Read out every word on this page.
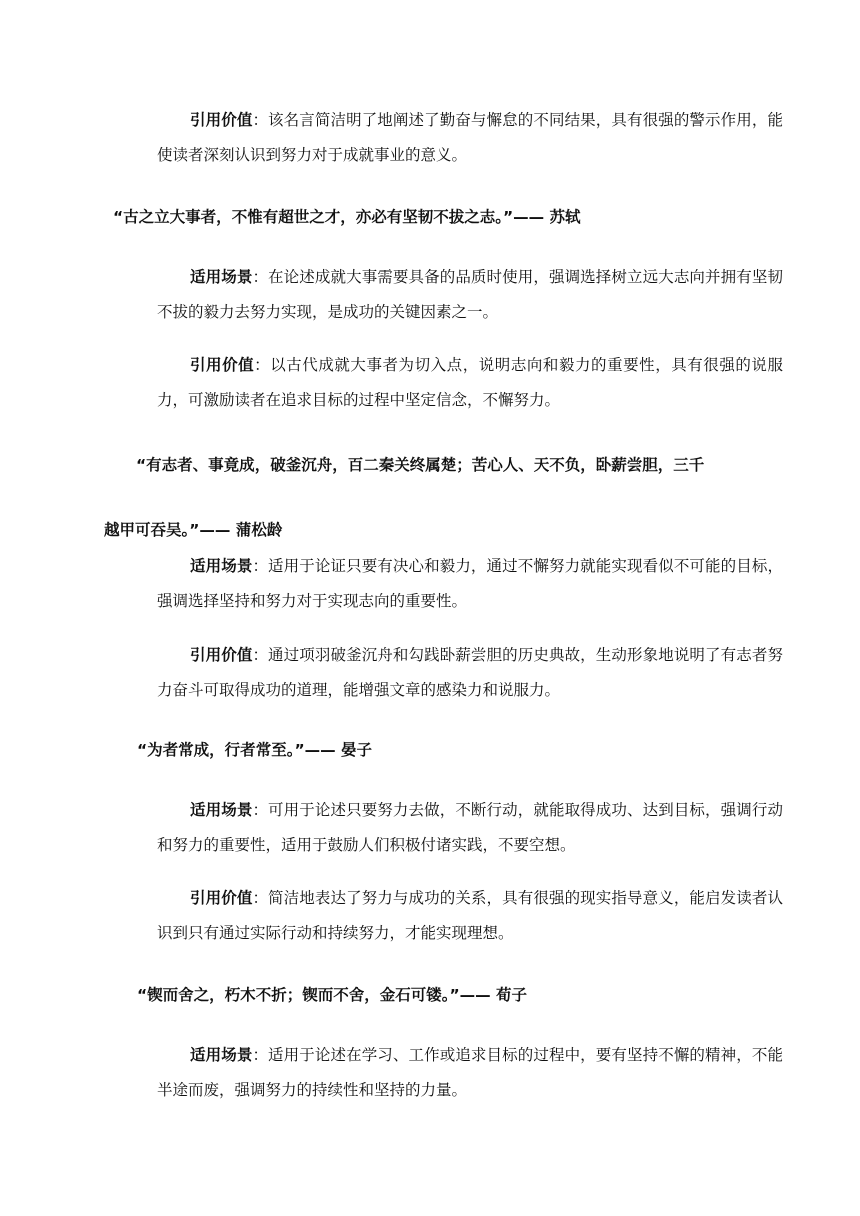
引用价值：该名言简洁明了地阐述了勤奋与懈怠的不同结果，具有很强的警示作用，能使读者深刻认识到努力对于成就事业的意义。
“古之立大事者，不惟有超世之才，亦必有坚韧不拔之志。”—— 苏轼
适用场景：在论述成就大事需要具备的品质时使用，强调选择树立远大志向并拥有坚韧不拔的毅力去努力实现，是成功的关键因素之一。
引用价值：以古代成就大事者为切入点，说明志向和毅力的重要性，具有很强的说服力，可激励读者在追求目标的过程中坚定信念，不懈努力。
“有志者、事竟成，破釜沉舟，百二秦关终属楚；苦心人、天不负，卧薪尝胆，三千
越甲可吞吴。”—— 蒲松龄
适用场景：适用于论证只要有决心和毅力，通过不懈努力就能实现看似不可能的目标，强调选择坚持和努力对于实现志向的重要性。
引用价值：通过项羽破釜沉舟和勾践卧薪尝胆的历史典故，生动形象地说明了有志者努力奋斗可取得成功的道理，能增强文章的感染力和说服力。
“为者常成，行者常至。”—— 晏子
适用场景：可用于论述只要努力去做，不断行动，就能取得成功、达到目标，强调行动和努力的重要性，适用于鼓励人们积极付诸实践，不要空想。
引用价值：简洁地表达了努力与成功的关系，具有很强的现实指导意义，能启发读者认识到只有通过实际行动和持续努力，才能实现理想。
“锲而舍之，朽木不折；锲而不舍，金石可镂。”—— 荀子
适用场景：适用于论述在学习、工作或追求目标的过程中，要有坚持不懈的精神，不能半途而废，强调努力的持续性和坚持的力量。
